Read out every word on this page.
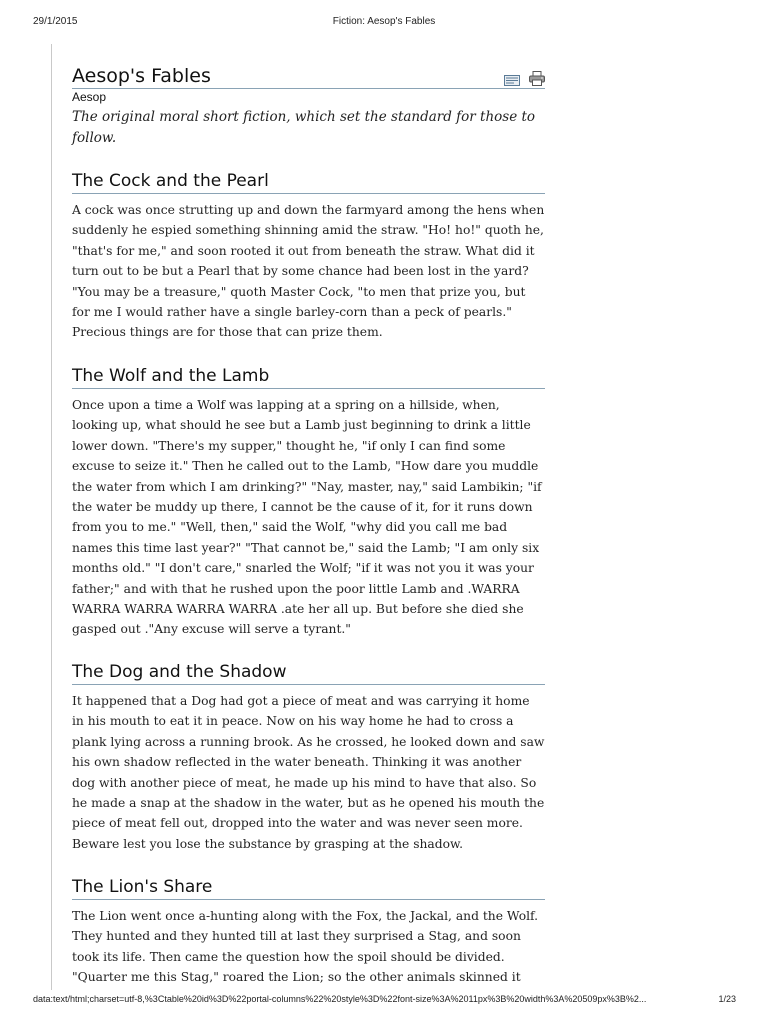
29/1/2015	Fiction: Aesop's Fables
Aesop's Fables

Aesop
The original moral short fiction, which set the standard for those to follow.
The Cock and the Pearl

A cock was once strutting up and down the farmyard among the hens when suddenly he espied something shinning amid the straw. "Ho! ho!" quoth he, "that's for me," and soon rooted it out from beneath the straw. What did it turn out to be but a Pearl that by some chance had been lost in the yard? "You may be a treasure," quoth Master Cock, "to men that prize you, but for me I would rather have a single barley-corn than a peck of pearls." Precious things are for those that can prize them.

The Wolf and the Lamb

Once upon a time a Wolf was lapping at a spring on a hillside, when, looking up, what should he see but a Lamb just beginning to drink a little lower down. "There's my supper," thought he, "if only I can find some excuse to seize it." Then he called out to the Lamb, "How dare you muddle the water from which I am drinking?" "Nay, master, nay," said Lambikin; "if the water be muddy up there, I cannot be the cause of it, for it runs down from you to me." "Well, then," said the Wolf, "why did you call me bad names this time last year?" "That cannot be," said the Lamb; "I am only six months old." "I don't care," snarled the Wolf; "if it was not you it was your father;" and with that he rushed upon the poor little Lamb and .WARRA WARRA WARRA WARRA WARRA .ate her all up. But before she died she gasped out ."Any excuse will serve a tyrant."

The Dog and the Shadow

It happened that a Dog had got a piece of meat and was carrying it home in his mouth to eat it in peace. Now on his way home he had to cross a plank lying across a running brook. As he crossed, he looked down and saw his own shadow reflected in the water beneath. Thinking it was another dog with another piece of meat, he made up his mind to have that also. So he made a snap at the shadow in the water, but as he opened his mouth the piece of meat fell out, dropped into the water and was never seen more. Beware lest you lose the substance by grasping at the shadow.

The Lion's Share

The Lion went once a-hunting along with the Fox, the Jackal, and the Wolf. They hunted and they hunted till at last they surprised a Stag, and soon took its life. Then came the question how the spoil should be divided. "Quarter me this Stag," roared the Lion; so the other animals skinned it

data:text/html;charset=utf-8,%3Ctable%20id%3D%22portal-columns%22%20style%3D%22font-size%3A%2011px%3B%20width%3A%20509px%3B%2...	1/23
